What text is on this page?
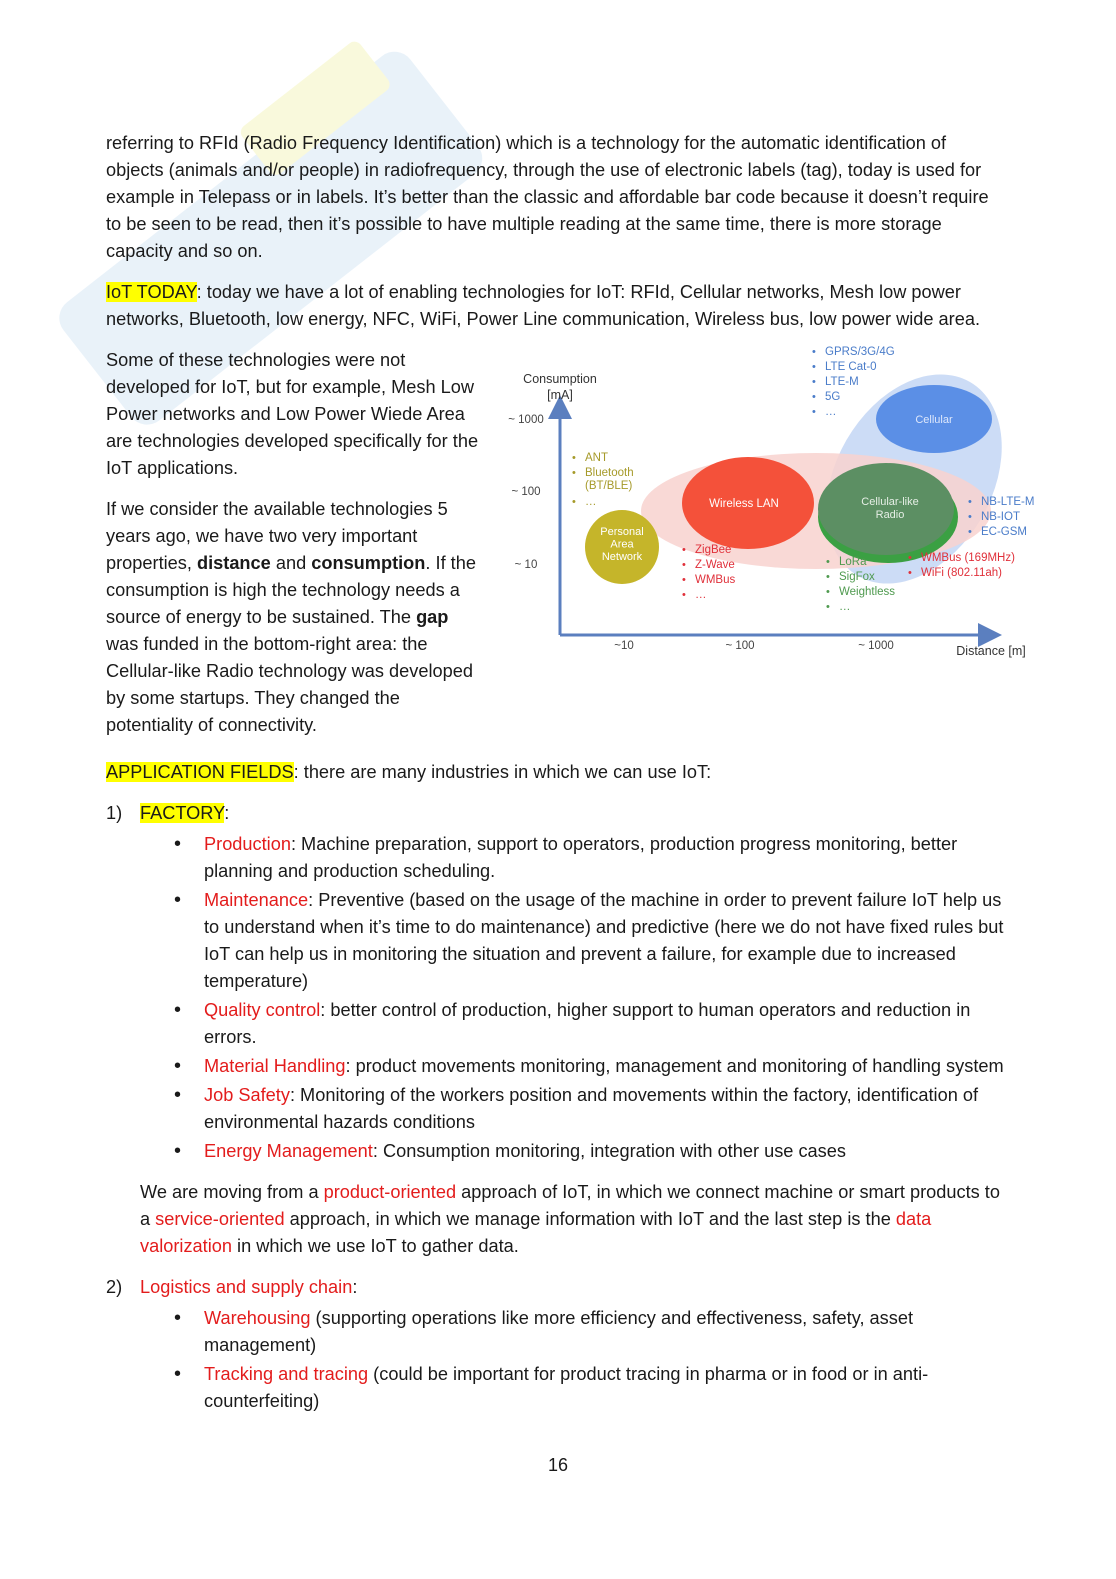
referring to RFId (Radio Frequency Identification) which is a technology for the automatic identification of objects (animals and/or people) in radiofrequency, through the use of electronic labels (tag), today is used for example in Telepass or in labels. It’s better than the classic and affordable bar code because it doesn’t require to be seen to be read, then it’s possible to have multiple reading at the same time, there is more storage capacity and so on.

IoT TODAY: today we have a lot of enabling technologies for IoT: RFId, Cellular networks, Mesh low power networks, Bluetooth, low energy, NFC, WiFi, Power Line communication, Wireless bus, low power wide area.

Some of these technologies were not developed for IoT, but for example, Mesh Low Power networks and Low Power Wiede Area are technologies developed specifically for the IoT applications.

If we consider the available technologies 5 years ago, we have two very important properties, distance and consumption. If the consumption is high the technology needs a source of energy to be sustained. The gap was funded in the bottom-right area: the Cellular-like Radio technology was developed by some startups. They changed the potentiality of connectivity.

Consumption [mA]
Distance [m]
~ 1000
~ 100
~ 10
~10	~ 100	~ 1000
Personal Area Network
Wireless LAN	Cellular-like Radio
Cellular
• GPRS/3G/4G
• LTE Cat-0
• LTE-M
• 5G
• …
• ANT
• Bluetooth (BT/BLE)
• …
• ZigBee
• Z-Wave
• WMBus
• …
• LoRa
• SigFox
• Weightless
• …
• WMBus (169MHz)
• WiFi (802.11ah)
• NB-LTE-M
• NB-IOT
• EC-GSM

APPLICATION FIELDS: there are many industries in which we can use IoT:

1) FACTORY:
• Production: Machine preparation, support to operators, production progress monitoring, better planning and production scheduling.
• Maintenance: Preventive (based on the usage of the machine in order to prevent failure IoT help us to understand when it’s time to do maintenance) and predictive (here we do not have fixed rules but IoT can help us in monitoring the situation and prevent a failure, for example due to increased temperature)
• Quality control: better control of production, higher support to human operators and reduction in errors.
• Material Handling: product movements monitoring, management and monitoring of handling system
• Job Safety: Monitoring of the workers position and movements within the factory, identification of environmental hazards conditions
• Energy Management: Consumption monitoring, integration with other use cases

We are moving from a product-oriented approach of IoT, in which we connect machine or smart products to a service-oriented approach, in which we manage information with IoT and the last step is the data valorization in which we use IoT to gather data.

2) Logistics and supply chain:
• Warehousing (supporting operations like more efficiency and effectiveness, safety, asset management)
• Tracking and tracing (could be important for product tracing in pharma or in food or in anti-counterfeiting)
16
